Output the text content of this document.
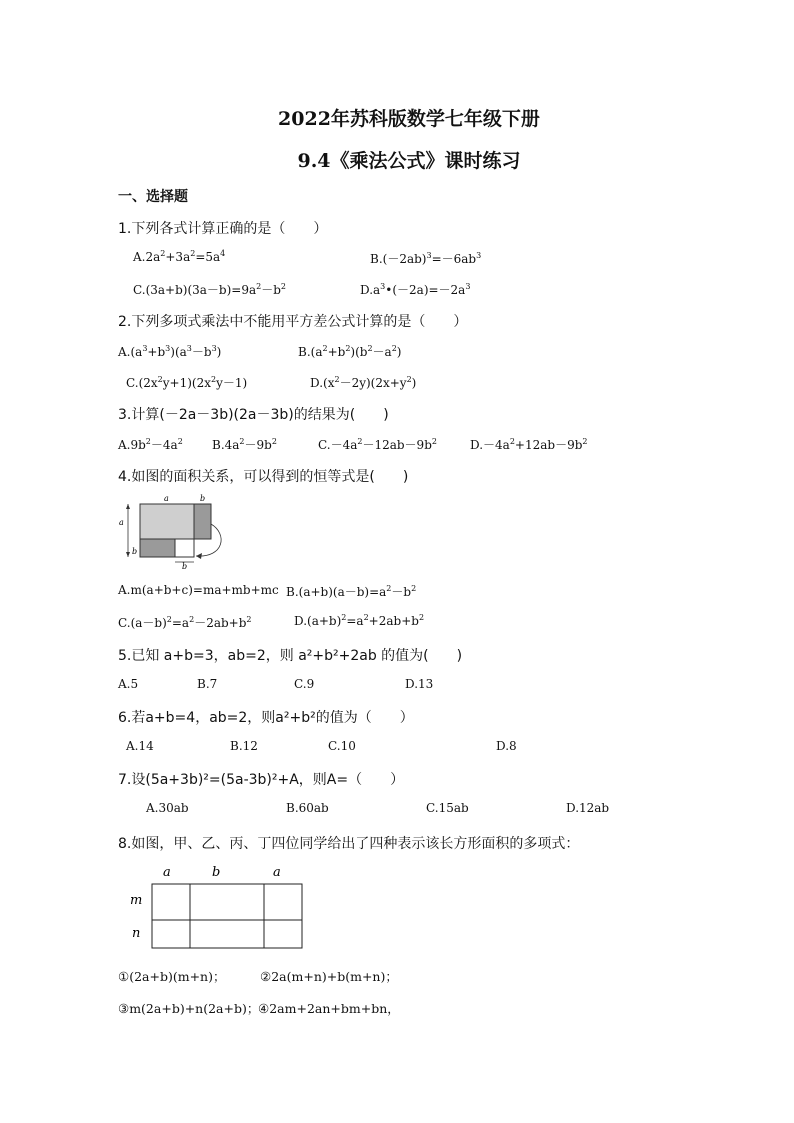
2022年苏科版数学七年级下册
9.4《乘法公式》课时练习
一、选择题
1.下列各式计算正确的是（　　）
$A.2a^2+3a^2=5a^4$	$B.(-2ab)^3=-6ab^3$
$C.(3a+b)(3a-b)=9a^2-b^2$	$D.a^3•(-2a)=-2a^3$
2.下列多项式乘法中不能用平方差公式计算的是（　　）
$A.(a^3+b^3)(a^3-b^3)$	$B.(a^2+b^2)(b^2-a^2)$
$C.(2x^2y+1)(2x^2y-1)$	$D.(x^2-2y)(2x+y^2)$
3.计算(－2a－3b)(2a－3b)的结果为(　　)
$A.9b^2-4a^2$ $B.4a^2-9b^2$	$C.-4a^2-12ab-9b^2$	$D.-4a^2+12ab-9b^2$
4.如图的面积关系，可以得到的恒等式是(　　)
a	b
a
b
b
A.m(a+b+c)=ma+mb+mc $B.(a+b)(a-b)=a^2-b^2$
$C.(a-b)^2=a^2-2ab+b^2$	$D.(a+b)^2=a^2+2ab+b^2$
5.已知 a+b=3，ab=2，则 a²+b²+2ab 的值为(　　)
A.5	B.7	C.9	D.13
6.若a+b=4，ab=2，则a²+b²的值为（　　）
A.14	B.12	C.10	D.8
7.设(5a+3b)²=(5a-3b)²+A，则A=（　　）
A.30ab	B.60ab	C.15ab	D.12ab
8.如图，甲、乙、丙、丁四位同学给出了四种表示该长方形面积的多项式：
a	b	a
m
n
①(2a+b)(m+n)；	②2a(m+n)+b(m+n)；
③m(2a+b)+n(2a+b)；
④2am+2an+bm+bn，
